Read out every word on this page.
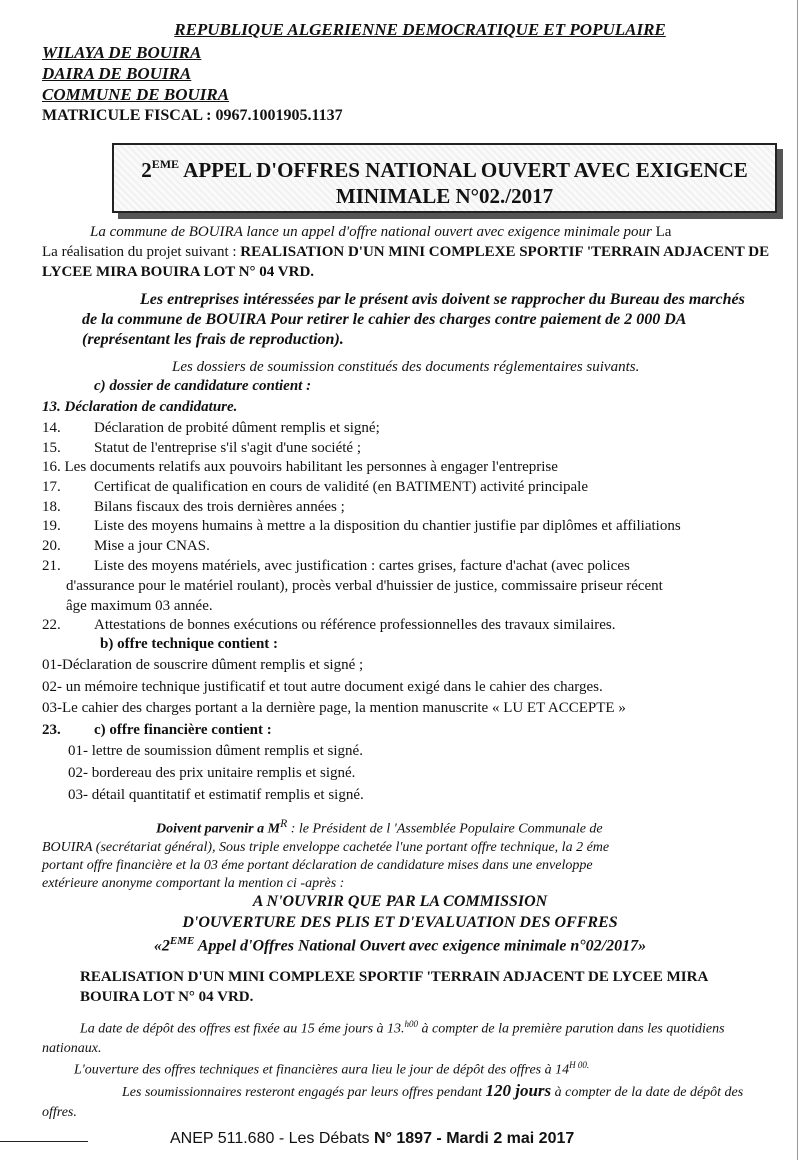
REPUBLIQUE ALGERIENNE DEMOCRATIQUE ET POPULAIRE
WILAYA DE BOUIRA
DAIRA DE BOUIRA
COMMUNE DE BOUIRA
MATRICULE FISCAL : 0967.1001905.1137
2EME APPEL D'OFFRES NATIONAL OUVERT AVEC EXIGENCE
MINIMALE N°02./2017
La commune de BOUIRA lance un appel d'offre national ouvert avec exigence minimale pour La
La réalisation du projet suivant : REALISATION D'UN MINI COMPLEXE SPORTIF 'TERRAIN ADJACENT DE LYCEE MIRA BOUIRA LOT N° 04 VRD.
Les entreprises intéressées par le présent avis doivent se rapprocher du Bureau des marchés de la commune de BOUIRA Pour retirer le cahier des charges contre paiement de 2 000 DA (représentant les frais de reproduction).
Les dossiers de soumission constitués des documents réglementaires suivants.
c) dossier de candidature contient :
13. Déclaration de candidature.
14. Déclaration de probité dûment remplis et signé;
15. Statut de l'entreprise s'il s'agit d'une société ;
16. Les documents relatifs aux pouvoirs habilitant les personnes à engager l'entreprise
17. Certificat de qualification en cours de validité (en BATIMENT) activité principale
18. Bilans fiscaux des trois dernières années ;
19. Liste des moyens humains à mettre a la disposition du chantier justifie par diplômes et affiliations
20. Mise a jour CNAS.
21. Liste des moyens matériels, avec justification : cartes grises, facture d'achat (avec polices
d'assurance pour le matériel roulant), procès verbal d'huissier de justice, commissaire priseur récent
âge maximum 03 année.
22. Attestations de bonnes exécutions ou référence professionnelles des travaux similaires.
b) offre technique contient :
01-Déclaration de souscrire dûment remplis et signé ;
02- un mémoire technique justificatif et tout autre document exigé dans le cahier des charges.
03-Le cahier des charges portant a la dernière page, la mention manuscrite « LU ET ACCEPTE »
23. c) offre financière contient :
01- lettre de soumission dûment remplis et signé.
02- bordereau des prix unitaire remplis et signé.
03- détail quantitatif et estimatif remplis et signé.
Doivent parvenir a $M^R$ : le Président de l 'Assemblée Populaire Communale de
BOUIRA (secrétariat général), Sous triple enveloppe cachetée l'une portant offre technique, la 2 éme
portant offre financière et la 03 éme portant déclaration de candidature mises dans une enveloppe
extérieure anonyme comportant la mention ci -après :
A N'OUVRIR QUE PAR LA COMMISSION
D'OUVERTURE DES PLIS ET D'EVALUATION DES OFFRES
«2EME Appel d'Offres National Ouvert avec exigence minimale n°02/2017»
REALISATION D'UN MINI COMPLEXE SPORTIF 'TERRAIN ADJACENT DE LYCEE MIRA BOUIRA LOT N° 04 VRD.
La date de dépôt des offres est fixée au 15 éme jours à 13.$^{h00}$ à compter de la première parution dans les quotidiens nationaux.
L'ouverture des offres techniques et financières aura lieu le jour de dépôt des offres à $14^{H 00.}$
Les soumissionnaires resteront engagés par leurs offres pendant 120 jours à compter de la date de dépôt des offres.
ANEP 511.680 - Les Débats N° 1897 - Mardi 2 mai 2017
